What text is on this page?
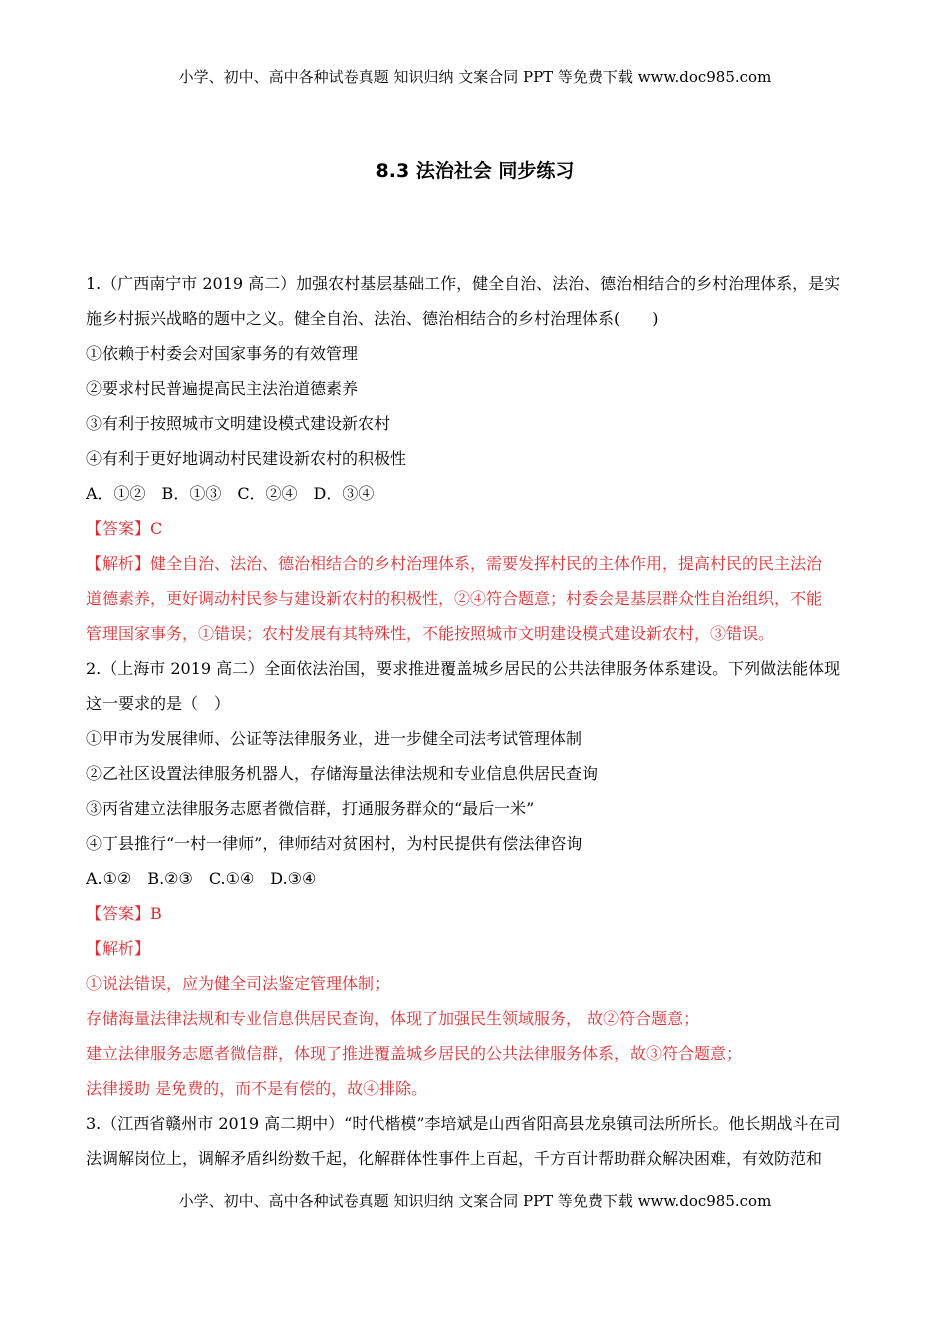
小学、初中、高中各种试卷真题 知识归纳 文案合同 PPT 等免费下载 www.doc985.com
8.3 法治社会 同步练习
1.（广西南宁市 2019 高二）加强农村基层基础工作，健全自治、法治、德治相结合的乡村治理体系，是实
施乡村振兴战略的题中之义。健全自治、法治、德治相结合的乡村治理体系(　　)
①依赖于村委会对国家事务的有效管理
②要求村民普遍提高民主法治道德素养
③有利于按照城市文明建设模式建设新农村
④有利于更好地调动村民建设新农村的积极性
A．①②　B．①③　C．②④　D．③④
【答案】C
【解析】健全自治、法治、德治相结合的乡村治理体系，需要发挥村民的主体作用，提高村民的民主法治
道德素养，更好调动村民参与建设新农村的积极性，②④符合题意；村委会是基层群众性自治组织，不能
管理国家事务，①错误；农村发展有其特殊性，不能按照城市文明建设模式建设新农村，③错误。
2.（上海市 2019 高二）全面依法治国，要求推进覆盖城乡居民的公共法律服务体系建设。下列做法能体现
这一要求的是（　）
①甲市为发展律师、公证等法律服务业，进一步健全司法考试管理体制
②乙社区设置法律服务机器人，存储海量法律法规和专业信息供居民查询
③丙省建立法律服务志愿者微信群，打通服务群众的“最后一米”
④丁县推行“一村一律师”，律师结对贫困村，为村民提供有偿法律咨询
A.①②　B.②③　C.①④　D.③④
【答案】B
【解析】
①说法错误，应为健全司法鉴定管理体制；
存储海量法律法规和专业信息供居民查询，体现了加强民生领域服务， 故②符合题意；
建立法律服务志愿者微信群，体现了推进覆盖城乡居民的公共法律服务体系，故③符合题意；
法律援助 是免费的，而不是有偿的，故④排除。
3.（江西省赣州市 2019 高二期中）“时代楷模”李培斌是山西省阳高县龙泉镇司法所所长。他长期战斗在司
法调解岗位上，调解矛盾纠纷数千起，化解群体性事件上百起，千方百计帮助群众解决困难，有效防范和
小学、初中、高中各种试卷真题 知识归纳 文案合同 PPT 等免费下载 www.doc985.com
